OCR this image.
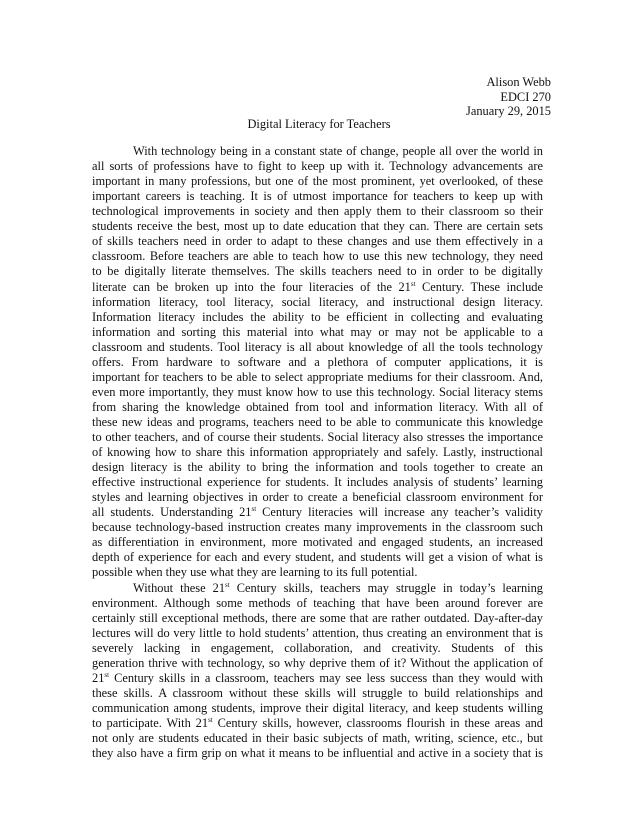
Alison Webb
EDCI 270
January 29, 2015
Digital Literacy for Teachers
With technology being in a constant state of change, people all over the world in
all sorts of professions have to fight to keep up with it. Technology advancements are
important in many professions, but one of the most prominent, yet overlooked, of these
important careers is teaching. It is of utmost importance for teachers to keep up with
technological improvements in society and then apply them to their classroom so their
students receive the best, most up to date education that they can. There are certain sets
of skills teachers need in order to adapt to these changes and use them effectively in a
classroom. Before teachers are able to teach how to use this new technology, they need
to be digitally literate themselves. The skills teachers need to in order to be digitally
literate can be broken up into the four literacies of the 21st Century. These include
information literacy, tool literacy, social literacy, and instructional design literacy.
Information literacy includes the ability to be efficient in collecting and evaluating
information and sorting this material into what may or may not be applicable to a
classroom and students. Tool literacy is all about knowledge of all the tools technology
offers. From hardware to software and a plethora of computer applications, it is
important for teachers to be able to select appropriate mediums for their classroom. And,
even more importantly, they must know how to use this technology. Social literacy stems
from sharing the knowledge obtained from tool and information literacy. With all of
these new ideas and programs, teachers need to be able to communicate this knowledge
to other teachers, and of course their students. Social literacy also stresses the importance
of knowing how to share this information appropriately and safely. Lastly, instructional
design literacy is the ability to bring the information and tools together to create an
effective instructional experience for students. It includes analysis of students’ learning
styles and learning objectives in order to create a beneficial classroom environment for
all students. Understanding 21st Century literacies will increase any teacher’s validity
because technology-based instruction creates many improvements in the classroom such
as differentiation in environment, more motivated and engaged students, an increased
depth of experience for each and every student, and students will get a vision of what is
possible when they use what they are learning to its full potential.
Without these 21st Century skills, teachers may struggle in today’s learning
environment. Although some methods of teaching that have been around forever are
certainly still exceptional methods, there are some that are rather outdated. Day-after-day
lectures will do very little to hold students’ attention, thus creating an environment that is
severely lacking in engagement, collaboration, and creativity. Students of this
generation thrive with technology, so why deprive them of it? Without the application of
21st Century skills in a classroom, teachers may see less success than they would with
these skills. A classroom without these skills will struggle to build relationships and
communication among students, improve their digital literacy, and keep students willing
to participate. With 21st Century skills, however, classrooms flourish in these areas and
not only are students educated in their basic subjects of math, writing, science, etc., but
they also have a firm grip on what it means to be influential and active in a society that is
